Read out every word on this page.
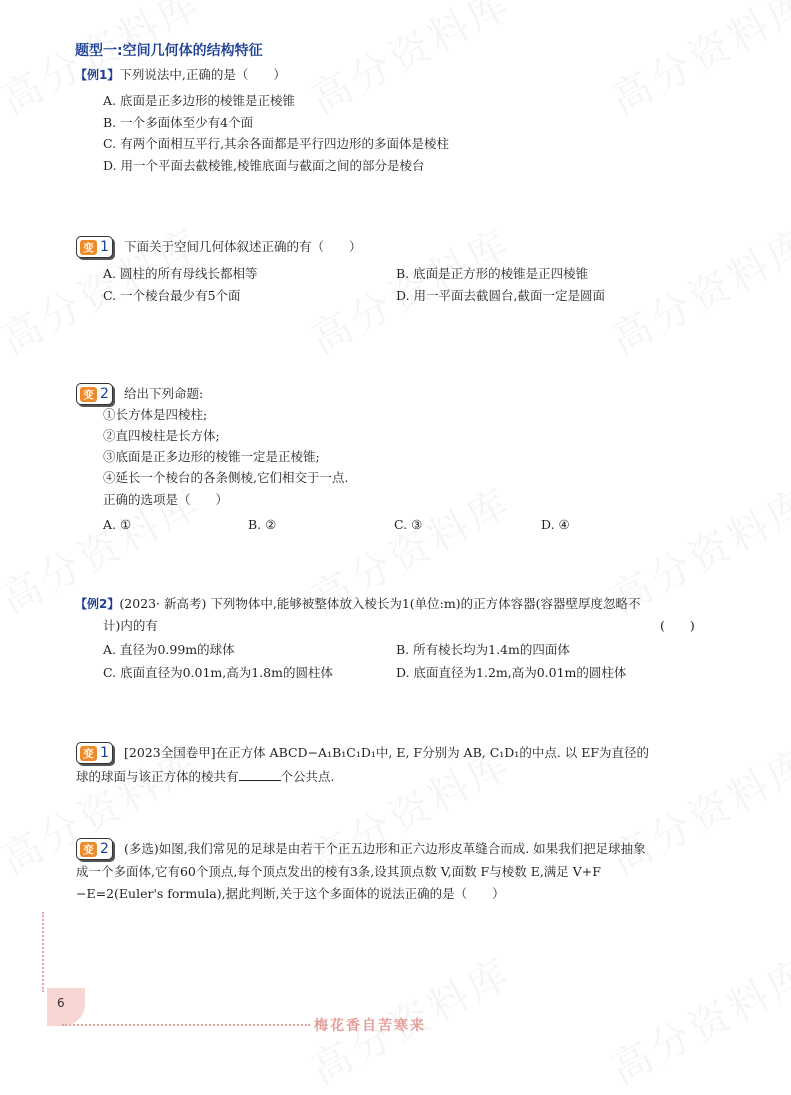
题型一:空间几何体的结构特征
【例1】下列说法中,正确的是（　　）
A. 底面是正多边形的棱锥是正棱锥
B. 一个多面体至少有4个面
C. 有两个面相互平行,其余各面都是平行四边形的多面体是棱柱
D. 用一个平面去截棱锥,棱锥底面与截面之间的部分是棱台
变 1 下面关于空间几何体叙述正确的有（　　）
A. 圆柱的所有母线长都相等	B. 底面是正方形的棱锥是正四棱锥
C. 一个棱台最少有5个面	D. 用一平面去截圆台,截面一定是圆面
变 2 给出下列命题:
①长方体是四棱柱;
②直四棱柱是长方体;
③底面是正多边形的棱锥一定是正棱锥;
④延长一个棱台的各条侧棱,它们相交于一点.
正确的选项是（　　）
A. ①	B. ②	C. ③	D. ④
【例2】(2023· 新高考) 下列物体中,能够被整体放入棱长为1(单位:m)的正方体容器(容器壁厚度忽略不
计)内的有	(　　)
A. 直径为0.99m的球体	B. 所有棱长均为1.4m的四面体
C. 底面直径为0.01m,高为1.8m的圆柱体	D. 底面直径为1.2m,高为0.01m的圆柱体
变 1 [2023全国卷甲]在正方体 ABCD−A₁B₁C₁D₁中, E, F分别为 AB, C₁D₁的中点. 以 EF为直径的
球的球面与该正方体的棱共有	个公共点.
变 2 (多选)如图,我们常见的足球是由若干个正五边形和正六边形皮革缝合而成. 如果我们把足球抽象
成一个多面体,它有60个顶点,每个顶点发出的棱有3条,设其顶点数 V,面数 F与棱数 E,满足 V+F
−E=2(Euler's formula),据此判断,关于这个多面体的说法正确的是（　　）
6
梅花香自苦寒来
